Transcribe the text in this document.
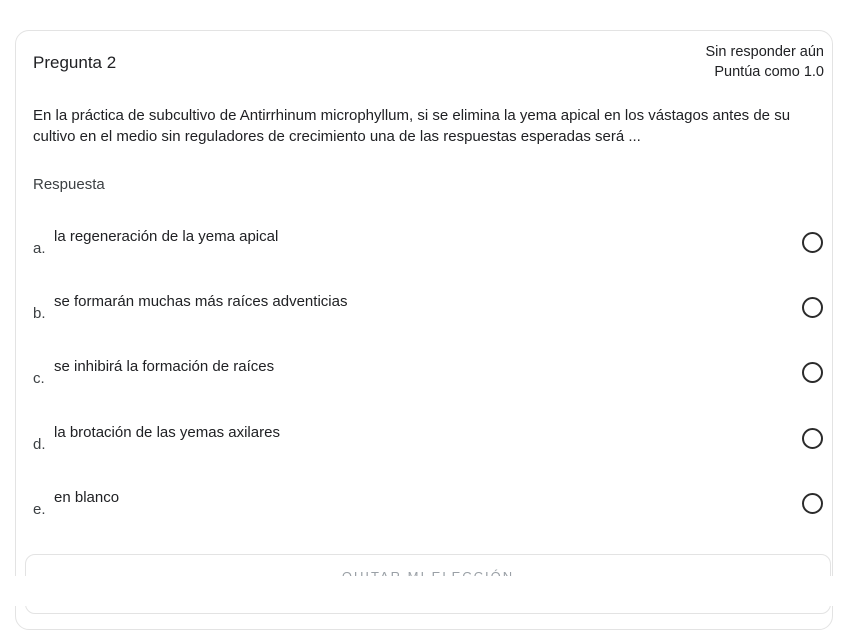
Pregunta 2
Sin responder aún
Puntúa como 1.0
En la práctica de subcultivo de Antirrhinum microphyllum, si se elimina la yema apical en los vástagos antes de su cultivo en el medio sin reguladores de crecimiento una de las respuestas esperadas será ...
Respuesta
a.
la regeneración de la yema apical
b.
se formarán muchas más raíces adventicias
c.
se inhibirá la formación de raíces
d.
la brotación de las yemas axilares
e.
en blanco
